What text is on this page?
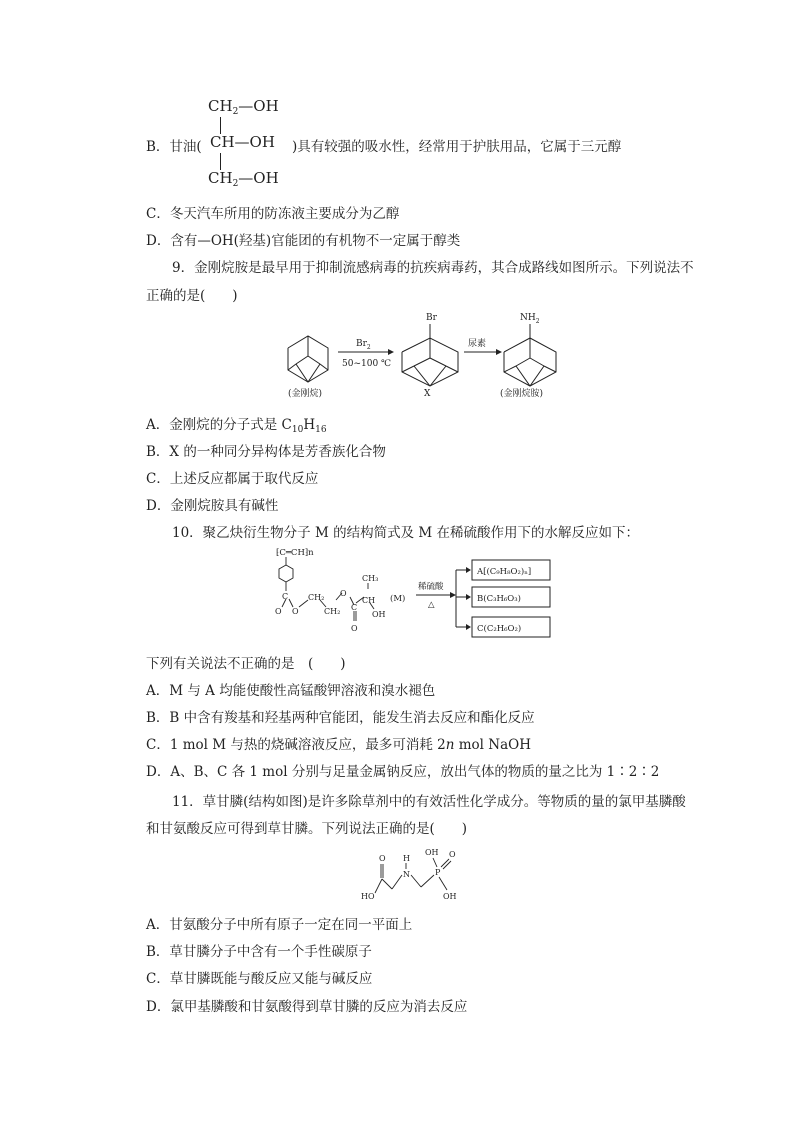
$CH_2—OH$
B．甘油( CH—OH )具有较强的吸水性，经常用于护肤用品，它属于三元醇
$CH_2—OH$
C．冬天汽车所用的防冻液主要成分为乙醇
D．含有—OH(羟基)官能团的有机物不一定属于醇类
9．金刚烷胺是最早用于抑制流感病毒的抗疾病毒药，其合成路线如图所示。下列说法不
正确的是(　　)
(金刚烷)
$Br_2$
50~100 ℃
Br
X
尿素
$NH_2$
(金刚烷胺)
A．金刚烷的分子式是 $C_{10}H_{16}$
B．X 的一种同分异构体是芳香族化合物
C．上述反应都属于取代反应
D．金刚烷胺具有碱性
10．聚乙炔衍生物分子 M 的结构简式及 M 在稀硫酸作用下的水解反应如下：
⁅C═CH⁆n
C
O O
CH₂
CH₂
O
C
O
CH
CH₃
OH
(M)
稀硫酸
△
A[(C₉H₈O₂)ₙ]
B(C₃H₆O₃)
C(C₂H₆O₂)
下列有关说法不正确的是　(　　)
A．M 与 A 均能使酸性高锰酸钾溶液和溴水褪色
B．B 中含有羧基和羟基两种官能团，能发生消去反应和酯化反应
C．1 mol M 与热的烧碱溶液反应，最多可消耗 2n mol NaOH
D．A、B、C 各 1 mol 分别与足量金属钠反应，放出气体的物质的量之比为 1∶2∶2
11．草甘膦(结构如图)是许多除草剂中的有效活性化学成分。等物质的量的氯甲基膦酸
和甘氨酸反应可得到草甘膦。下列说法正确的是(　　)
O H
OH O
N	P
HO	OH
A．甘氨酸分子中所有原子一定在同一平面上
B．草甘膦分子中含有一个手性碳原子
C．草甘膦既能与酸反应又能与碱反应
D．氯甲基膦酸和甘氨酸得到草甘膦的反应为消去反应
